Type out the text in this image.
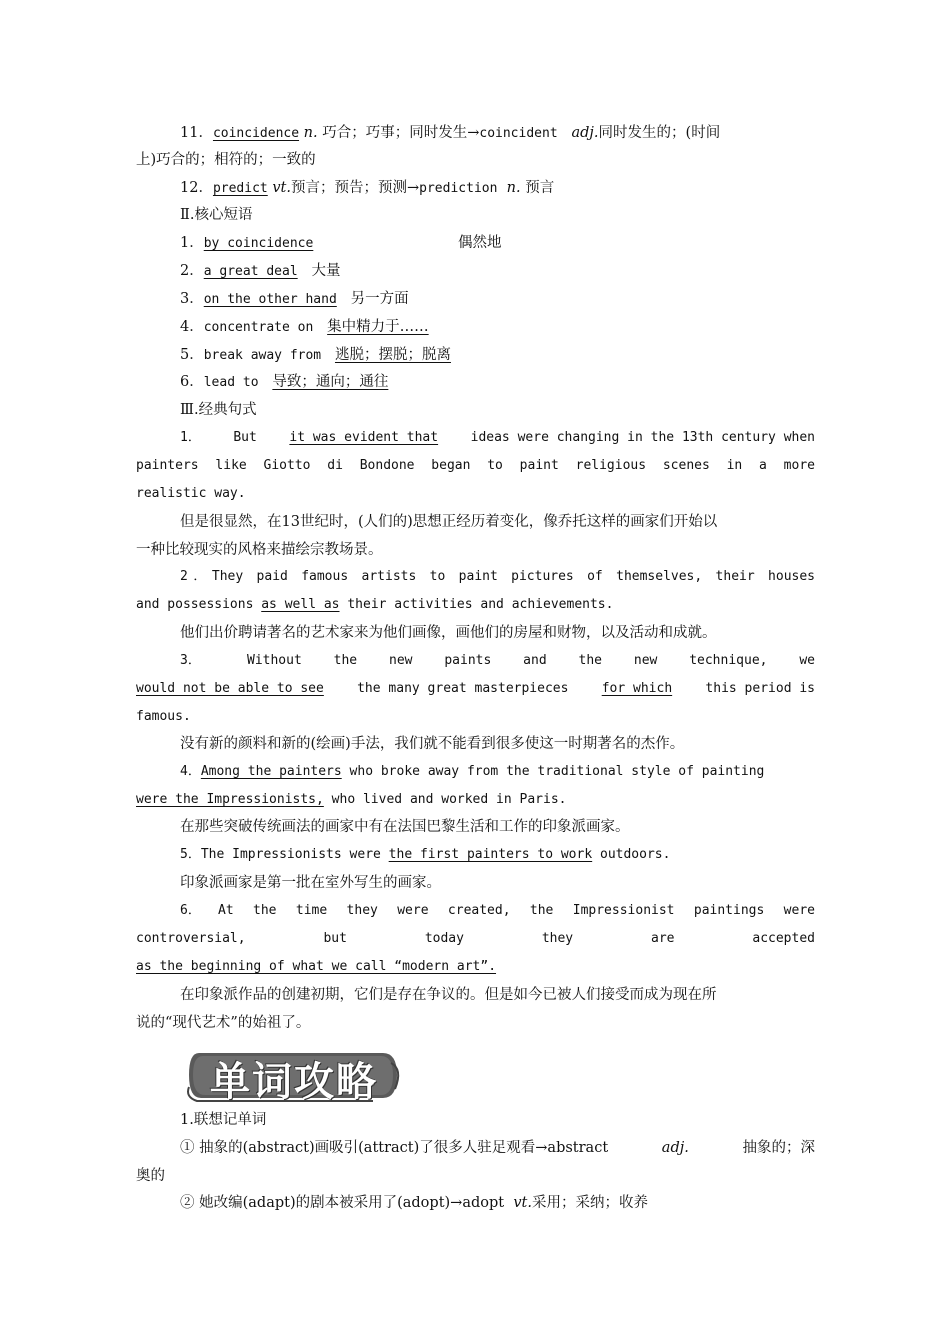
11．coincidence n. 巧合；巧事；同时发生→coincident adj.同时发生的；(时间
上)巧合的；相符的；一致的
12．predict vt.预言；预告；预测→prediction n. 预言
Ⅱ.核心短语
1．by coincidence	偶然地
2．a great deal 大量
3．on the other hand 另一方面
4．concentrate on 集中精力于……
5．break away from 逃脱；摆脱；脱离
6．lead to 导致；通向；通往
Ⅲ.经典句式
1．	But	it was evident that	ideas were changing in the 13th century when
painters like Giotto di Bondone began to paint religious scenes in a more
realistic way.
但是很显然，在13世纪时，(人们的)思想正经历着变化，像乔托这样的画家们开始以
一种比较现实的风格来描绘宗教场景。
2．They paid famous artists to paint pictures of themselves, their houses
and possessions as well as their activities and achievements.
他们出价聘请著名的艺术家来为他们画像，画他们的房屋和财物，以及活动和成就。
3．	Without the new paints and the new technique, we
would not be able to see	the many great masterpieces	for which	this period is
famous.
没有新的颜料和新的(绘画)手法，我们就不能看到很多使这一时期著名的杰作。
4．Among the painters who broke away from the traditional style of painting
were the Impressionists, who lived and worked in Paris.
在那些突破传统画法的画家中有在法国巴黎生活和工作的印象派画家。
5．The Impressionists were the first painters to work outdoors.
印象派画家是第一批在室外写生的画家。
6． At the time they were created, the Impressionist paintings were
controversial, but today they are accepted
as the beginning of what we call “modern art”.
在印象派作品的创建初期，它们是存在争议的。但是如今已被人们接受而成为现在所
说的“现代艺术”的始祖了。
单词攻略
1.联想记单词
① 抽象的(abstract)画吸引(attract)了很多人驻足观看→abstract	adj.	抽象的；深
奥的
② 她改编(adapt)的剧本被采用了(adopt)→adopt vt.采用；采纳；收养
